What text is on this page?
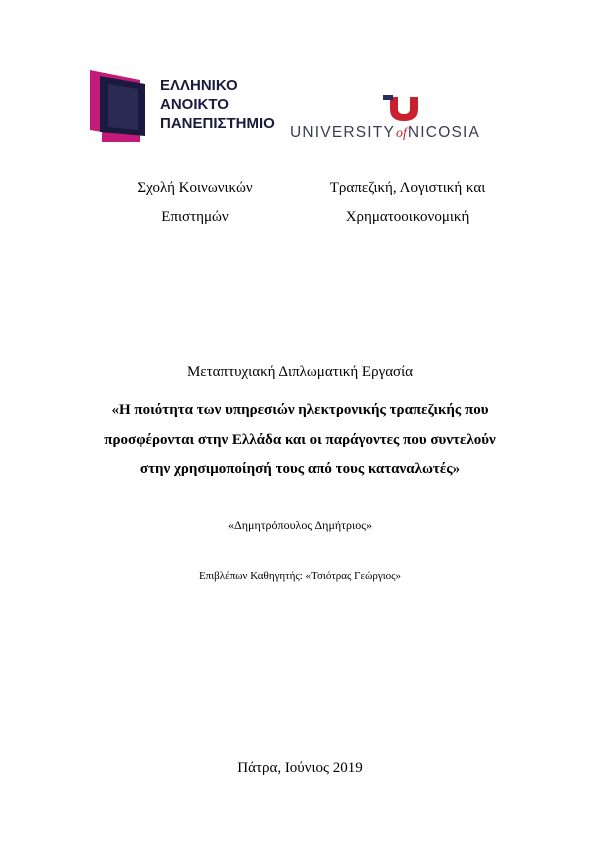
ΕΛΛΗΝΙΚΟ
ΑΝΟΙΚΤΟ
ΠΑΝΕΠΙΣΤΗΜΙΟ
UNIVERSITYofNICOSIA
Σχολή Κοινωνικών
Επιστημών
Τραπεζική, Λογιστική και
Χρηματοοικονομική
Μεταπτυχιακή Διπλωματική Εργασία
«Η ποιότητα των υπηρεσιών ηλεκτρονικής τραπεζικής που
προσφέρονται στην Ελλάδα και οι παράγοντες που συντελούν
στην χρησιμοποίησή τους από τους καταναλωτές»
«Δημητρόπουλος Δημήτριος»
Επιβλέπων Καθηγητής: «Τσιότρας Γεώργιος»
Πάτρα, Ιούνιος 2019
